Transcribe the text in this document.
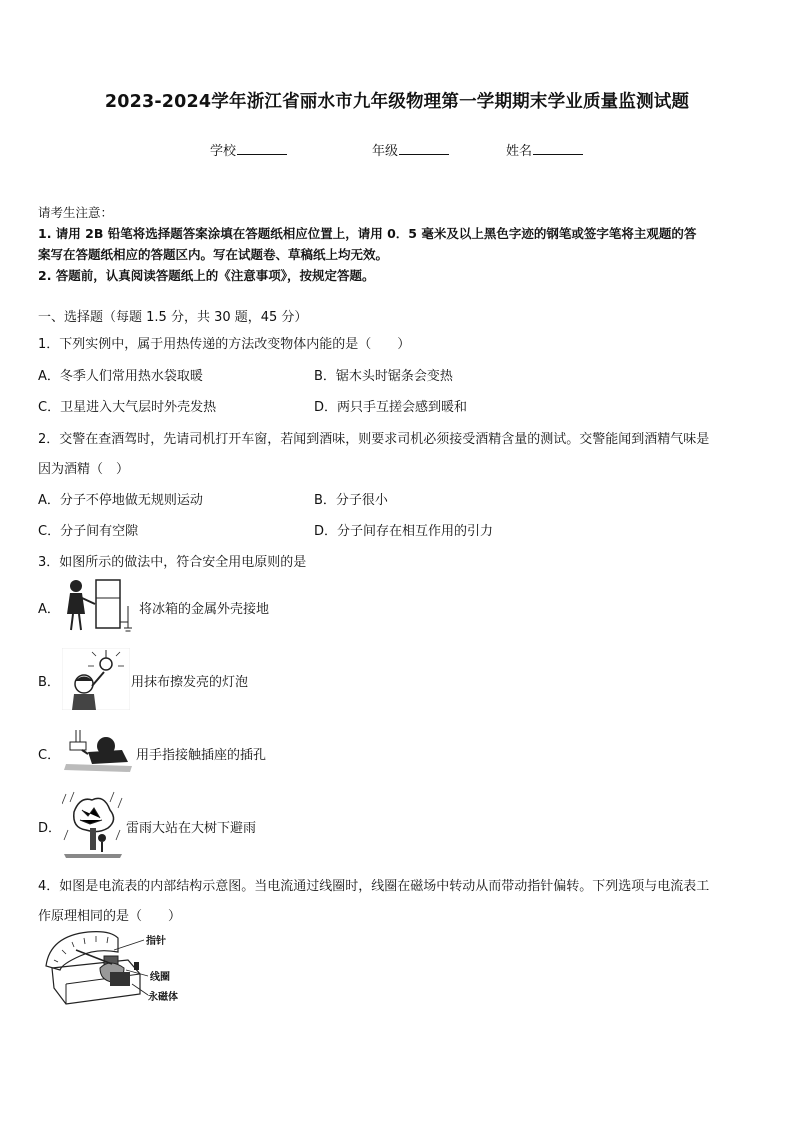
2023-2024学年浙江省丽水市九年级物理第一学期期末学业质量监测试题
学校	年级	姓名
请考生注意：
1. 请用 2B 铅笔将选择题答案涂填在答题纸相应位置上，请用 0．5 毫米及以上黑色字迹的钢笔或签字笔将主观题的答
案写在答题纸相应的答题区内。写在试题卷、草稿纸上均无效。
2. 答题前，认真阅读答题纸上的《注意事项》，按规定答题。
一、选择题（每题 1.5 分，共 30 题，45 分）
1．下列实例中，属于用热传递的方法改变物体内能的是（　　）
A．冬季人们常用热水袋取暖	B．锯木头时锯条会变热
C．卫星进入大气层时外壳发热	D．两只手互搓会感到暖和
2．交警在查酒驾时，先请司机打开车窗，若闻到酒味，则要求司机必须接受酒精含量的测试。交警能闻到酒精气味是
因为酒精（　）
A．分子不停地做无规则运动	B．分子很小
C．分子间有空隙	D．分子间存在相互作用的引力
3．如图所示的做法中，符合安全用电原则的是
A．	将冰箱的金属外壳接地
B．	用抹布擦发亮的灯泡
C．	用手指接触插座的插孔
D．	雷雨大站在大树下避雨
4．如图是电流表的内部结构示意图。当电流通过线圈时，线圈在磁场中转动从而带动指针偏转。下列选项与电流表工
作原理相同的是（　　）
指针
线圈
永磁体
